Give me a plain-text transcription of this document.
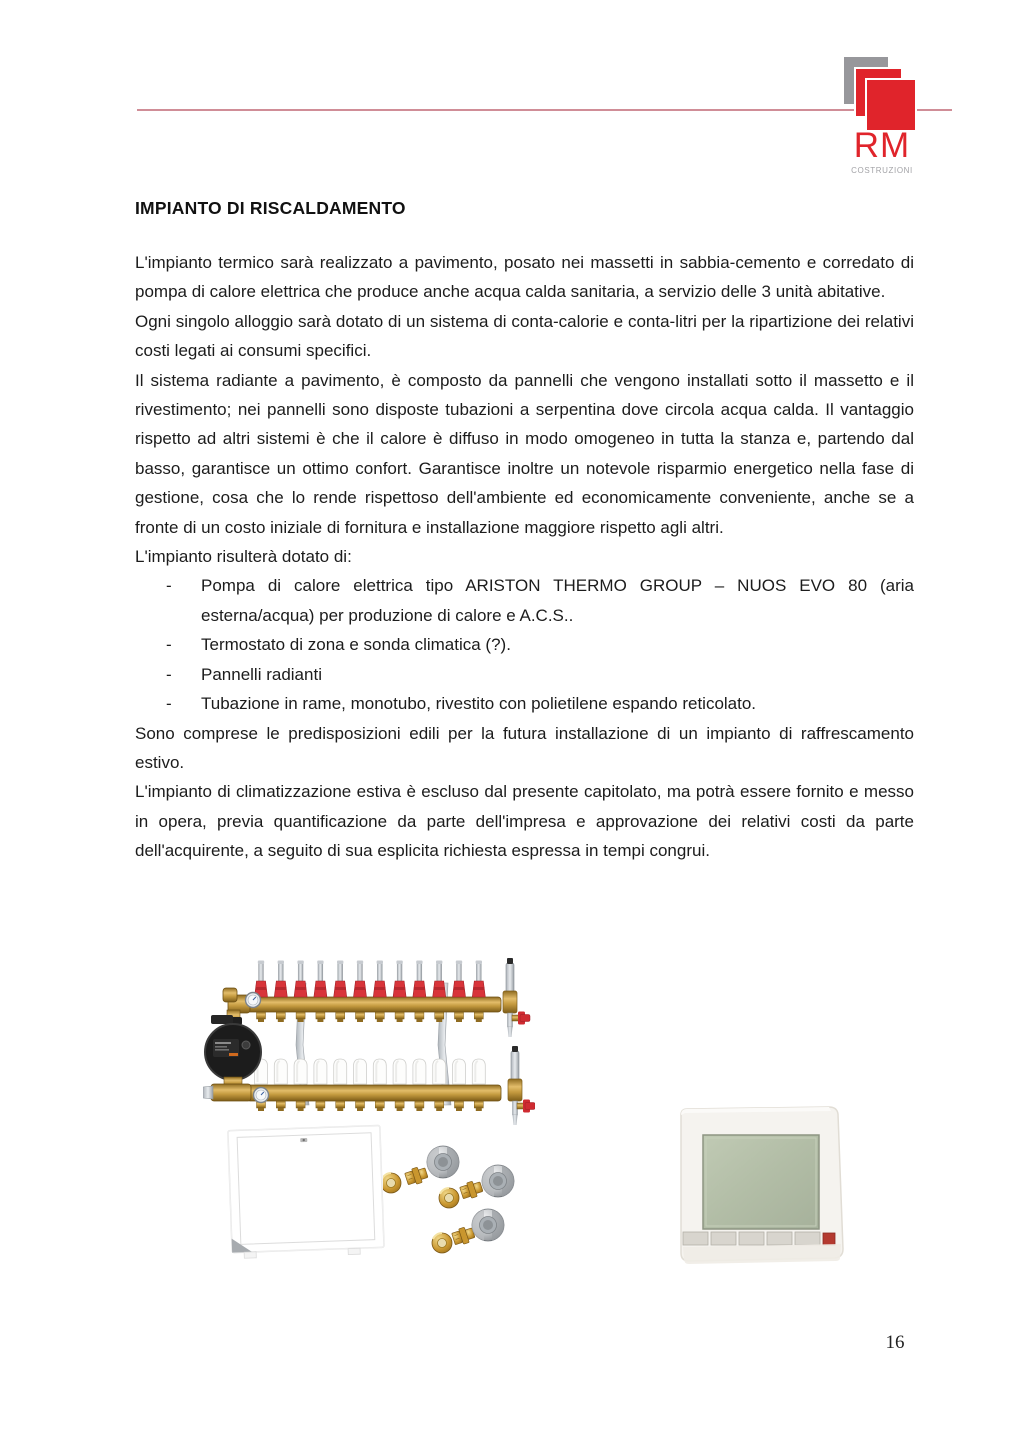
RM
COSTRUZIONI
IMPIANTO DI RISCALDAMENTO

L'impianto termico sarà realizzato a pavimento, posato nei massetti in sabbia-cemento e corredato di pompa di calore elettrica che produce anche acqua calda sanitaria, a servizio delle 3 unità abitative.

Ogni singolo alloggio sarà dotato di un sistema di conta-calorie e conta-litri per la ripartizione dei relativi costi legati ai consumi specifici.

Il sistema radiante a pavimento, è composto da pannelli che vengono installati sotto il massetto e il rivestimento; nei pannelli sono disposte tubazioni a serpentina dove circola acqua calda. Il vantaggio rispetto ad altri sistemi è che il calore è diffuso in modo omogeneo in tutta la stanza e, partendo dal basso, garantisce un ottimo confort. Garantisce inoltre un notevole risparmio energetico nella fase di gestione, cosa che lo rende rispettoso dell'ambiente ed economicamente conveniente, anche se a fronte di un costo iniziale di fornitura e installazione maggiore rispetto agli altri.

L'impianto risulterà dotato di:

-	Pompa di calore elettrica tipo ARISTON THERMO GROUP – NUOS EVO 80 (aria esterna/acqua) per produzione di calore e A.C.S..
-	Termostato di zona e sonda climatica (?).
-	Pannelli radianti
-	Tubazione in rame, monotubo, rivestito con polietilene espando reticolato.

Sono comprese le predisposizioni edili per la futura installazione di un impianto di raffrescamento estivo.

L'impianto di climatizzazione estiva è escluso dal presente capitolato, ma potrà essere fornito e messo in opera, previa quantificazione da parte dell'impresa e approvazione dei relativi costi da parte dell'acquirente, a seguito di sua esplicita richiesta espressa in tempi congrui.

16
